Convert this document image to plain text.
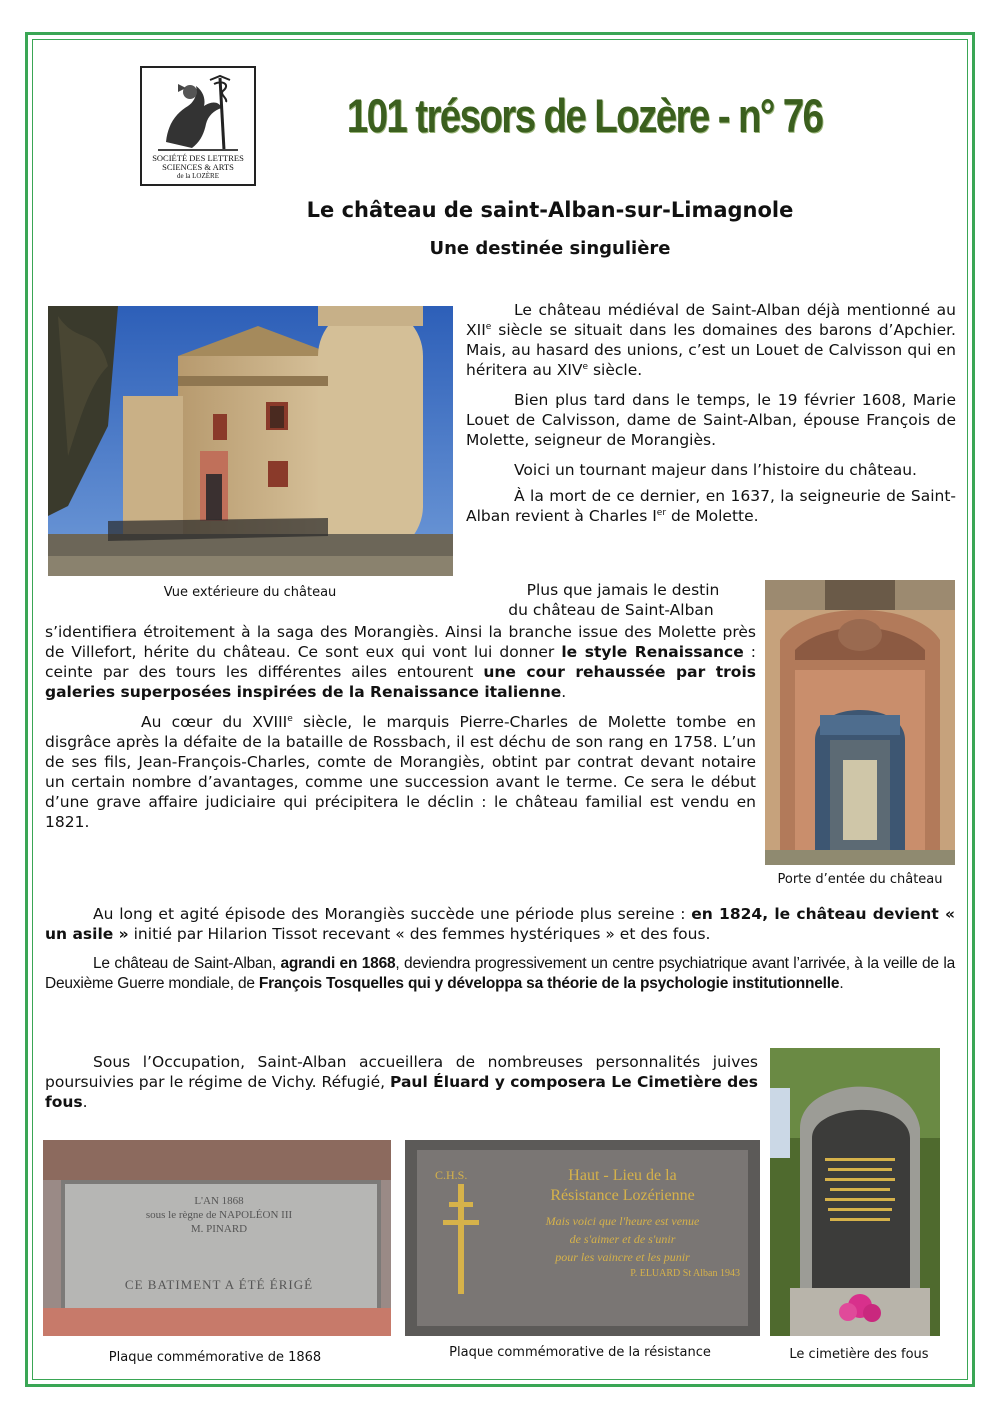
SOCIÉTÉ DES LETTRES
SCIENCES & ARTS
de la LOZÈRE
101 trésors de Lozère - n° 76
Le château de saint-Alban-sur-Limagnole
Une destinée singulière
Vue extérieure du château

Le château médiéval de Saint-Alban déjà mentionné au XIIe siècle se situait dans les domaines des barons d’Apchier. Mais, au hasard des unions, c’est un Louet de Calvisson qui en héritera au XIVe siècle.

Bien plus tard dans le temps, le 19 février 1608, Marie Louet de Calvisson, dame de Saint-Alban, épouse François de Molette, seigneur de Morangiès.

Voici un tournant majeur dans l’histoire du château.

À la mort de ce dernier, en 1637, la seigneurie de Saint-Alban revient à Charles Ier de Molette.

Porte d’entée du château
Plus que jamais le destin
du château de Saint-Alban

s’identifiera étroitement à la saga des Morangiès. Ainsi la branche issue des Molette près de Villefort, hérite du château. Ce sont eux qui vont lui donner le style Renaissance : ceinte par des tours les différentes ailes entourent une cour rehaussée par trois galeries superposées inspirées de la Renaissance italienne.

Au cœur du XVIIIe siècle, le marquis Pierre-Charles de Molette tombe en disgrâce après la défaite de la bataille de Rossbach, il est déchu de son rang en 1758. L’un de ses fils, Jean-François-Charles, comte de Morangiès, obtint par contrat devant notaire un certain nombre d’avantages, comme une succession avant le terme. Ce sera le début d’une grave affaire judiciaire qui précipitera le déclin : le château familial est vendu en 1821.

Au long et agité épisode des Morangiès succède une période plus sereine : en 1824, le château devient « un asile » initié par Hilarion Tissot recevant « des femmes hystériques » et des fous.

Le château de Saint-Alban, agrandi en 1868, deviendra progressivement un centre psychiatrique avant l’arrivée, à la veille de la Deuxième Guerre mondiale, de François Tosquelles qui y développa sa théorie de la psychologie institutionnelle.

Sous l’Occupation, Saint-Alban accueillera de nombreuses personnalités juives poursuivies par le régime de Vichy. Réfugié, Paul Éluard y composera Le Cimetière des fous.

Le cimetière des fous
L'AN 1868
sous le règne de NAPOLÉON III
M. PINARD
CE BATIMENT A ÉTÉ ÉRIGÉ
Plaque commémorative de 1868
C.H.S.	Haut - Lieu de la
Résistance Lozérienne
Mais voici que l'heure est venue
de s'aimer et de s'unir
pour les vaincre et les punir
P. ELUARD St Alban 1943
Plaque commémorative de la résistance
